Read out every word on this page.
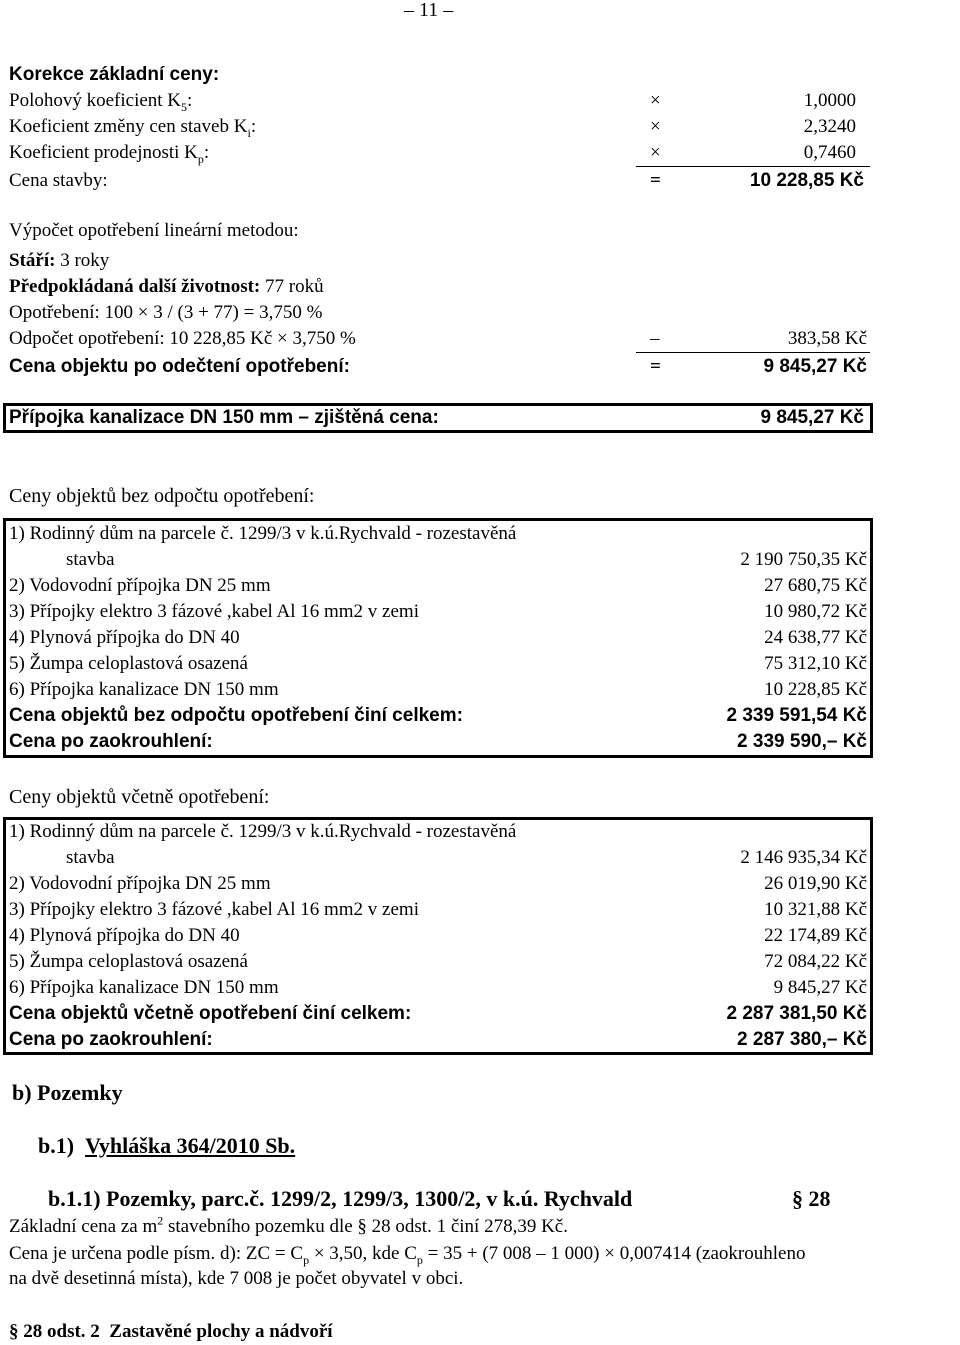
– 11 –
Korekce základní ceny:
Polohový koeficient $K_5$:	×	1,0000
Koeficient změny cen staveb $K_i$:	×	2,3240
Koeficient prodejnosti $K_p$:	×	0,7460
Cena stavby:	=	10 228,85 Kč
Výpočet opotřebení lineární metodou:
Stáří: 3 roky
Předpokládaná další životnost: 77 roků
Opotřebení: 100 × 3 / (3 + 77) = 3,750 %
Odpočet opotřebení: 10 228,85 Kč × 3,750 %	–	383,58 Kč
Cena objektu po odečtení opotřebení:	=	9 845,27 Kč
Přípojka kanalizace DN 150 mm – zjištěná cena:	9 845,27 Kč
Ceny objektů bez odpočtu opotřebení:
1) Rodinný dům na parcele č. 1299/3 v k.ú.Rychvald - rozestavěná
stavba	2 190 750,35 Kč
2) Vodovodní přípojka DN 25 mm	27 680,75 Kč
3) Přípojky elektro 3 fázové ,kabel Al 16 mm2 v zemi	10 980,72 Kč
4) Plynová přípojka do DN 40	24 638,77 Kč
5) Žumpa celoplastová osazená	75 312,10 Kč
6) Přípojka kanalizace DN 150 mm	10 228,85 Kč
Cena objektů bez odpočtu opotřebení činí celkem:	2 339 591,54 Kč
Cena po zaokrouhlení:	2 339 590,– Kč
Ceny objektů včetně opotřebení:
1) Rodinný dům na parcele č. 1299/3 v k.ú.Rychvald - rozestavěná
stavba	2 146 935,34 Kč
2) Vodovodní přípojka DN 25 mm	26 019,90 Kč
3) Přípojky elektro 3 fázové ,kabel Al 16 mm2 v zemi	10 321,88 Kč
4) Plynová přípojka do DN 40	22 174,89 Kč
5) Žumpa celoplastová osazená	72 084,22 Kč
6) Přípojka kanalizace DN 150 mm	9 845,27 Kč
Cena objektů včetně opotřebení činí celkem:	2 287 381,50 Kč
Cena po zaokrouhlení:	2 287 380,– Kč
b) Pozemky
b.1) Vyhláška 364/2010 Sb.
b.1.1) Pozemky, parc.č. 1299/2, 1299/3, 1300/2, v k.ú. Rychvald	§ 28
Základní cena za $m^2$ stavebního pozemku dle § 28 odst. 1 činí 278,39 Kč.
Cena je určena podle písm. d): ZC = $C_p \times 3,50$, kde $C_p = 35 + (7$ 008 – 1 000) × 0,007414 (zaokrouhleno
na dvě desetinná místa), kde 7 008 je počet obyvatel v obci.
§ 28 odst. 2 Zastavěné plochy a nádvoří
